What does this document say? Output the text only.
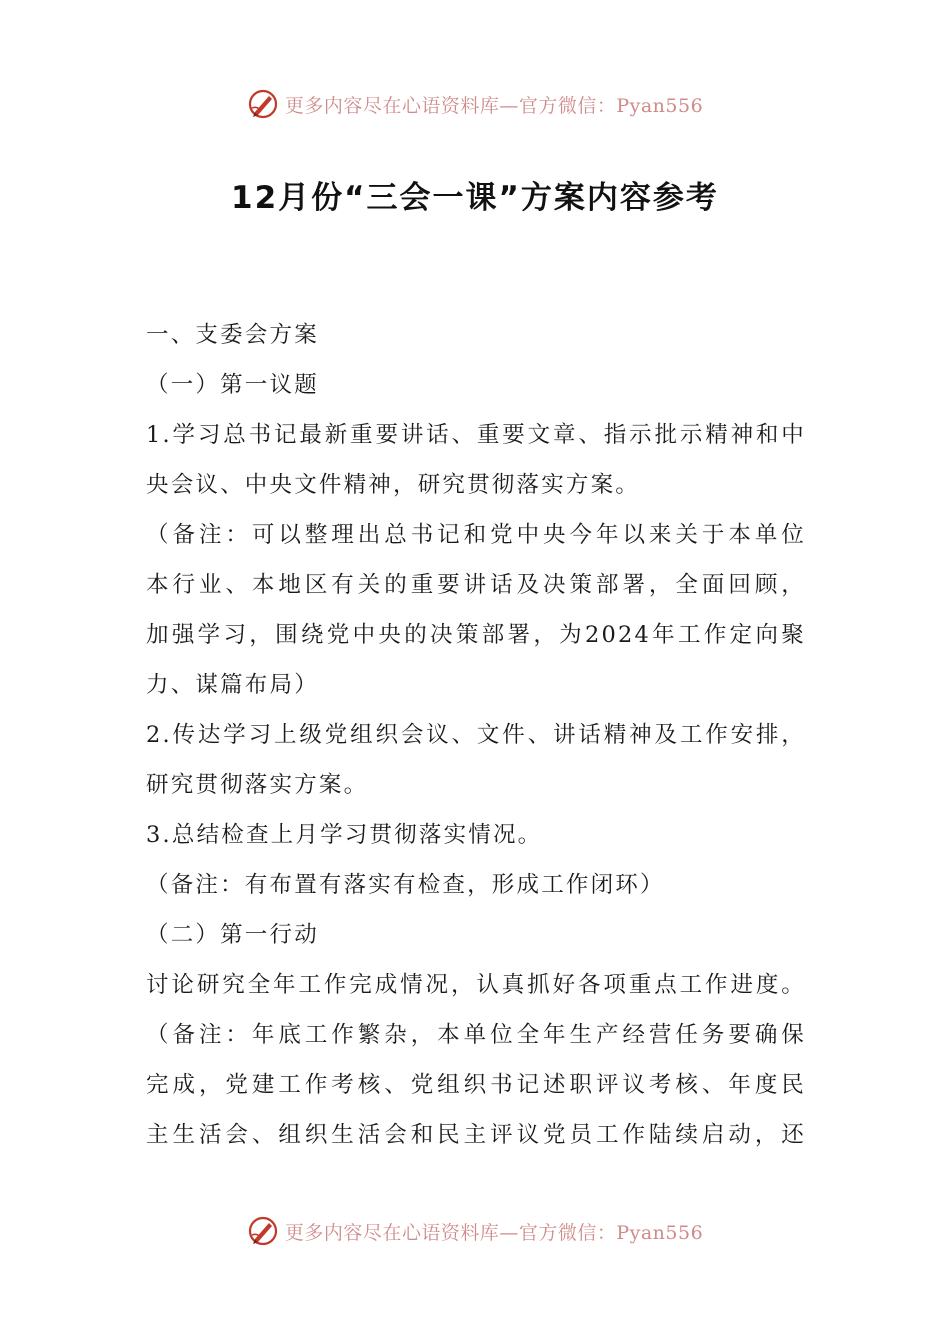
更多内容尽在心语资料库—官方微信：Pyan556
12月份“三会一课”方案内容参考
一、支委会方案
（一）第一议题
1.学习总书记最新重要讲话、重要文章、指示批示精神和中
央会议、中央文件精神，研究贯彻落实方案。
（备注：可以整理出总书记和党中央今年以来关于本单位
本行业、本地区有关的重要讲话及决策部署，全面回顾，
加强学习，围绕党中央的决策部署，为2024年工作定向聚
力、谋篇布局）
2.传达学习上级党组织会议、文件、讲话精神及工作安排，
研究贯彻落实方案。
3.总结检查上月学习贯彻落实情况。
（备注：有布置有落实有检查，形成工作闭环）
（二）第一行动
讨论研究全年工作完成情况，认真抓好各项重点工作进度。
（备注：年底工作繁杂，本单位全年生产经营任务要确保
完成，党建工作考核、党组织书记述职评议考核、年度民
主生活会、组织生活会和民主评议党员工作陆续启动，还
更多内容尽在心语资料库—官方微信：Pyan556
